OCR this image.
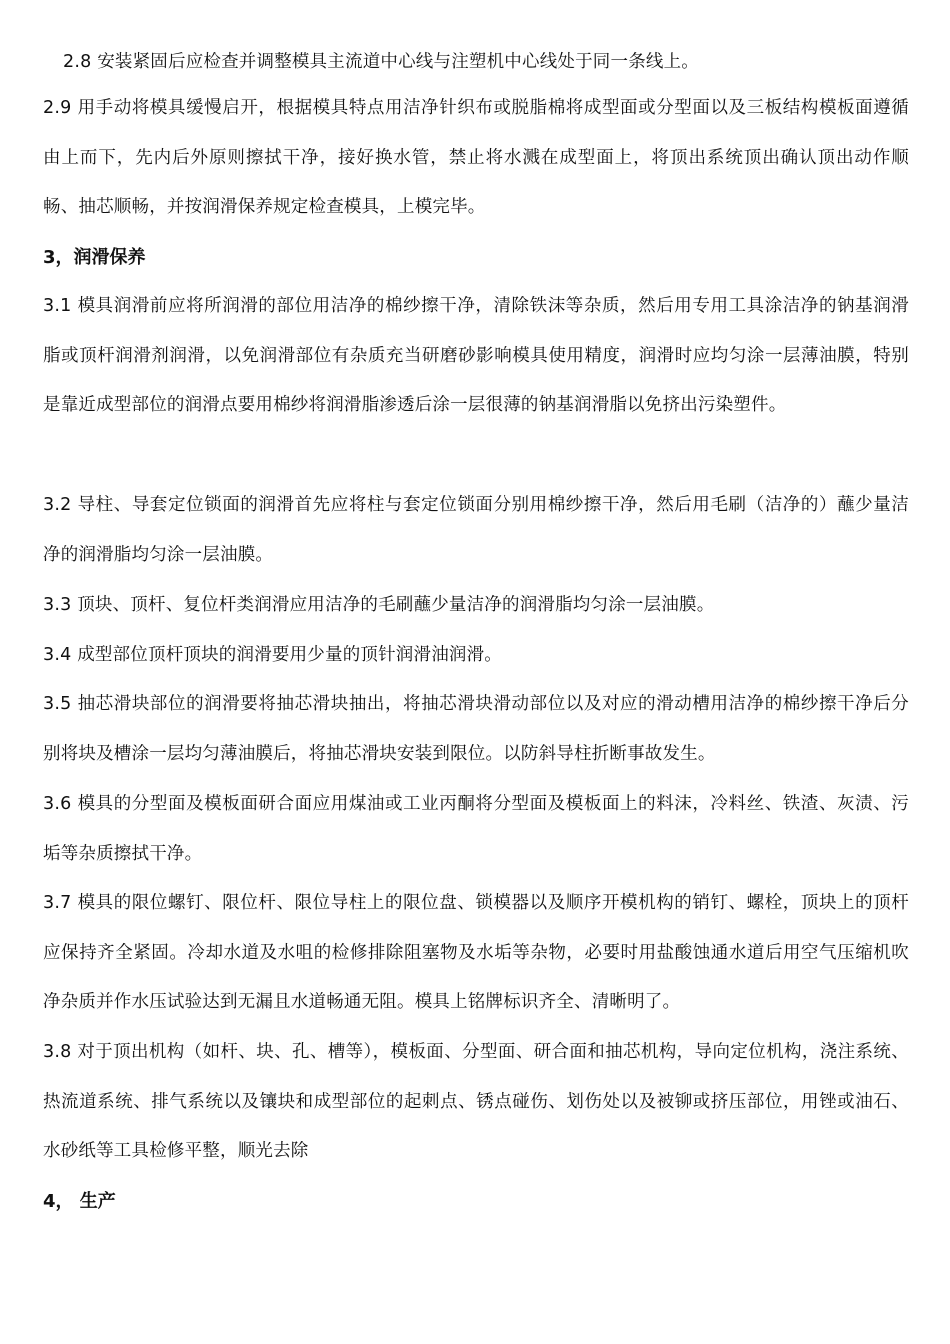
2.8 安装紧固后应检查并调整模具主流道中心线与注塑机中心线处于同一条线上。

2.9 用手动将模具缓慢启开，根据模具特点用洁净针织布或脱脂棉将成型面或分型面以及三板结构模板面遵循由上而下，先内后外原则擦拭干净，接好换水管，禁止将水溅在成型面上，将顶出系统顶出确认顶出动作顺畅、抽芯顺畅，并按润滑保养规定检查模具，上模完毕。

3，润滑保养

3.1 模具润滑前应将所润滑的部位用洁净的棉纱擦干净，清除铁沫等杂质，然后用专用工具涂洁净的钠基润滑脂或顶杆润滑剂润滑，以免润滑部位有杂质充当研磨砂影响模具使用精度，润滑时应均匀涂一层薄油膜，特别是靠近成型部位的润滑点要用棉纱将润滑脂渗透后涂一层很薄的钠基润滑脂以免挤出污染塑件。

3.2 导柱、导套定位锁面的润滑首先应将柱与套定位锁面分别用棉纱擦干净，然后用毛刷（洁净的）蘸少量洁净的润滑脂均匀涂一层油膜。

3.3 顶块、顶杆、复位杆类润滑应用洁净的毛刷蘸少量洁净的润滑脂均匀涂一层油膜。

3.4 成型部位顶杆顶块的润滑要用少量的顶针润滑油润滑。

3.5 抽芯滑块部位的润滑要将抽芯滑块抽出，将抽芯滑块滑动部位以及对应的滑动槽用洁净的棉纱擦干净后分别将块及槽涂一层均匀薄油膜后，将抽芯滑块安装到限位。以防斜导柱折断事故发生。

3.6 模具的分型面及模板面研合面应用煤油或工业丙酮将分型面及模板面上的料沫，冷料丝、铁渣、灰渍、污垢等杂质擦拭干净。

3.7 模具的限位螺钉、限位杆、限位导柱上的限位盘、锁模器以及顺序开模机构的销钉、螺栓，顶块上的顶杆应保持齐全紧固。冷却水道及水咀的检修排除阻塞物及水垢等杂物，必要时用盐酸蚀通水道后用空气压缩机吹净杂质并作水压试验达到无漏且水道畅通无阻。模具上铭牌标识齐全、清晰明了。

3.8 对于顶出机构（如杆、块、孔、槽等），模板面、分型面、研合面和抽芯机构，导向定位机构，浇注系统、热流道系统、排气系统以及镶块和成型部位的起刺点、锈点碰伤、划伤处以及被铆或挤压部位，用锉或油石、水砂纸等工具检修平整，顺光去除

4， 生产
